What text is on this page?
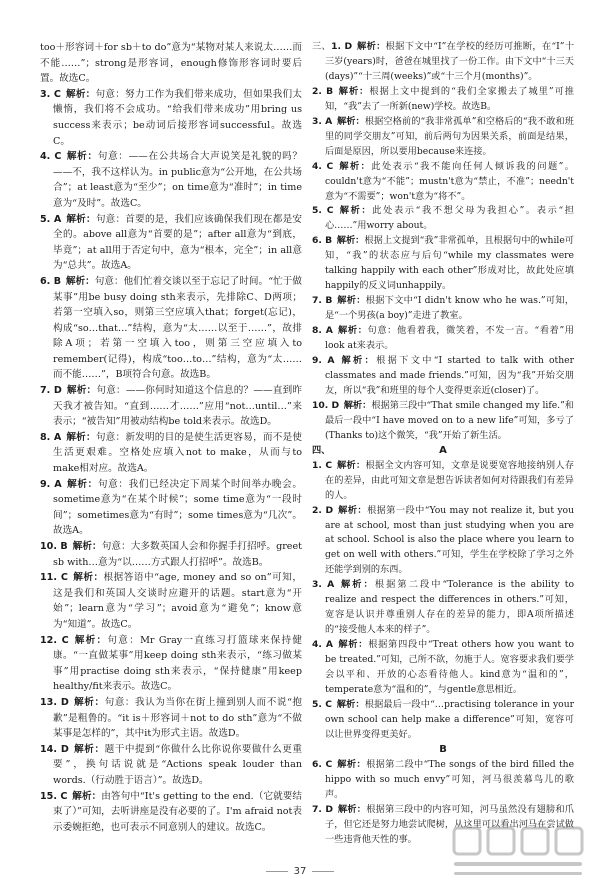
too＋形容词＋for sb＋to do”意为“某物对某人来说太……而不能……”；strong是形容词，enough修饰形容词时要后置。故选C。

3. C  解析：句意：努力工作为我们带来成功，但如果我们太懒惰，我们将不会成功。“给我们带来成功”用bring us success来表示；be动词后接形容词successful。故选C。

4. C  解析：句意：——在公共场合大声说笑是礼貌的吗？——不，我不这样认为。in public意为“公开地，在公共场合”；at least意为“至少”；on time意为“准时”；in time意为“及时”。故选C。

5. A  解析：句意：首要的是，我们应该确保我们现在都是安全的。above all意为“首要的是”；after all意为“到底，毕竟”；at all用于否定句中，意为“根本，完全”；in all意为“总共”。故选A。

6. B  解析：句意：他们忙着交谈以至于忘记了时间。“忙于做某事”用be busy doing sth来表示，先排除C、D两项；若第一空填入so，则第三空应填入that；forget(忘记)，构成“so…that…”结构，意为“太……以至于……”，故排除A项；若第一空填入too，则第三空应填入to remember(记得)，构成“too…to…”结构，意为“太……而不能……”，B项符合句意。故选B。

7. D  解析：句意：——你何时知道这个信息的？——直到昨天我才被告知。“直到……才……”应用“not…until…”来表示；“被告知”用被动结构be told来表示。故选D。

8. A  解析：句意：新发明的目的是使生活更容易，而不是使生活更艰难。空格处应填入not to make，从而与to make相对应。故选A。

9. A  解析：句意：我们已经决定下周某个时间举办晚会。sometime意为“在某个时候”；some time意为“一段时间”；sometimes意为“有时”；some times意为“几次”。故选A。

10. B  解析：句意：大多数英国人会和你握手打招呼。greet sb with…意为“以……方式跟人打招呼”。故选B。

11. C  解析：根据答语中“age, money and so on”可知，这是我们和英国人交谈时应避开的话题。start意为“开始”；learn意为“学习”；avoid意为“避免”；know意为“知道”。故选C。

12. C  解析：句意：Mr Gray一直练习打篮球来保持健康。“一直做某事”用keep doing sth来表示，“练习做某事”用practise doing sth来表示，“保持健康”用keep healthy/fit来表示。故选C。

13. D  解析：句意：我认为当你在街上撞到别人而不说“抱歉”是粗鲁的。“it is＋形容词＋not to do sth”意为“不做某事是怎样的”，其中it为形式主语。故选D。

14. D  解析：题干中提到“你做什么比你说你要做什么更重要”，换句话说就是“Actions speak louder than words.（行动胜于语言）”。故选D。

15. C  解析：由答句中“It's getting to the end.（它就要结束了）”可知，去听讲座是没有必要的了。I'm afraid not表示委婉拒绝，也可表示不同意别人的建议。故选C。

三、1. D  解析：根据下文中“I”在学校的经历可推断，在“I”十三岁(years)时，爸爸在城里找了一份工作。由下文中“十三天(days)”“十三周(weeks)”或“十三个月(months)”。

2. B  解析：根据上文中提到的“我们全家搬去了城里”可推知，“我”去了一所新(new)学校。故选B。

3. A  解析：根据空格前的“我非常孤单”和空格后的“我不敢和班里的同学交朋友”可知，前后两句为因果关系，前面是结果，后面是原因，所以要用because来连接。

4. C  解析：此处表示“我不能向任何人倾诉我的问题”。couldn't意为“不能”；mustn't意为“禁止，不准”；needn't意为“不需要”；won't意为“将不”。

5. C  解析：此处表示“我不想父母为我担心”。表示“担心……”用worry about。

6. B  解析：根据上文提到“我”非常孤单，且根据句中的while可知，“我”的状态应与后句“while my classmates were talking happily with each other”形成对比，故此处应填happily的反义词unhappily。

7. B  解析：根据下文中“I didn't know who he was.”可知，是“一个男孩(a boy)”走进了教室。

8. A  解析：句意：他看着我，微笑着，不发一言。“看着”用look at来表示。

9. A  解析：根据下文中“I started to talk with other classmates and made friends.”可知，因为“我”开始交朋友，所以“我”和班里的每个人变得更亲近(closer)了。

10. D  解析：根据第三段中“That smile changed my life.”和最后一段中“I have moved on to a new life”可知，多亏了(Thanks to)这个微笑，“我”开始了新生活。

四、	A

1. C  解析：根据全文内容可知，文章是说要宽容地接纳别人存在的差异，由此可知文章是想告诉读者如何对待跟我们有差异的人。

2. D  解析：根据第一段中“You may not realize it, but you are at school, most than just studying when you are at school. School is also the place where you learn to get on well with others.”可知，学生在学校除了学习之外还能学到别的东西。

3. A  解析：根据第二段中“Tolerance is the ability to realize and respect the differences in others.”可知，宽容是认识并尊重别人存在的差异的能力，即A项所描述的“接受他人本来的样子”。

4. A  解析：根据第四段中“Treat others how you want to be treated.”可知，己所不欲，勿施于人。宽容要求我们要学会以平和、开放的心态看待他人。kind意为“温和的”，temperate意为“温和的”，与gentle意思相近。

5. C  解析：根据最后一段中“…practising tolerance in your own school can help make a difference”可知，宽容可以让世界变得更美好。

B

6. C  解析：根据第二段中“The songs of the bird filled the hippo with so much envy”可知，河马很羡慕鸟儿的歌声。

7. D  解析：根据第三段中的内容可知，河马虽然没有翅膀和爪子，但它还是努力地尝试爬树，从这里可以看出河马在尝试做一些违背他天性的事。

37
